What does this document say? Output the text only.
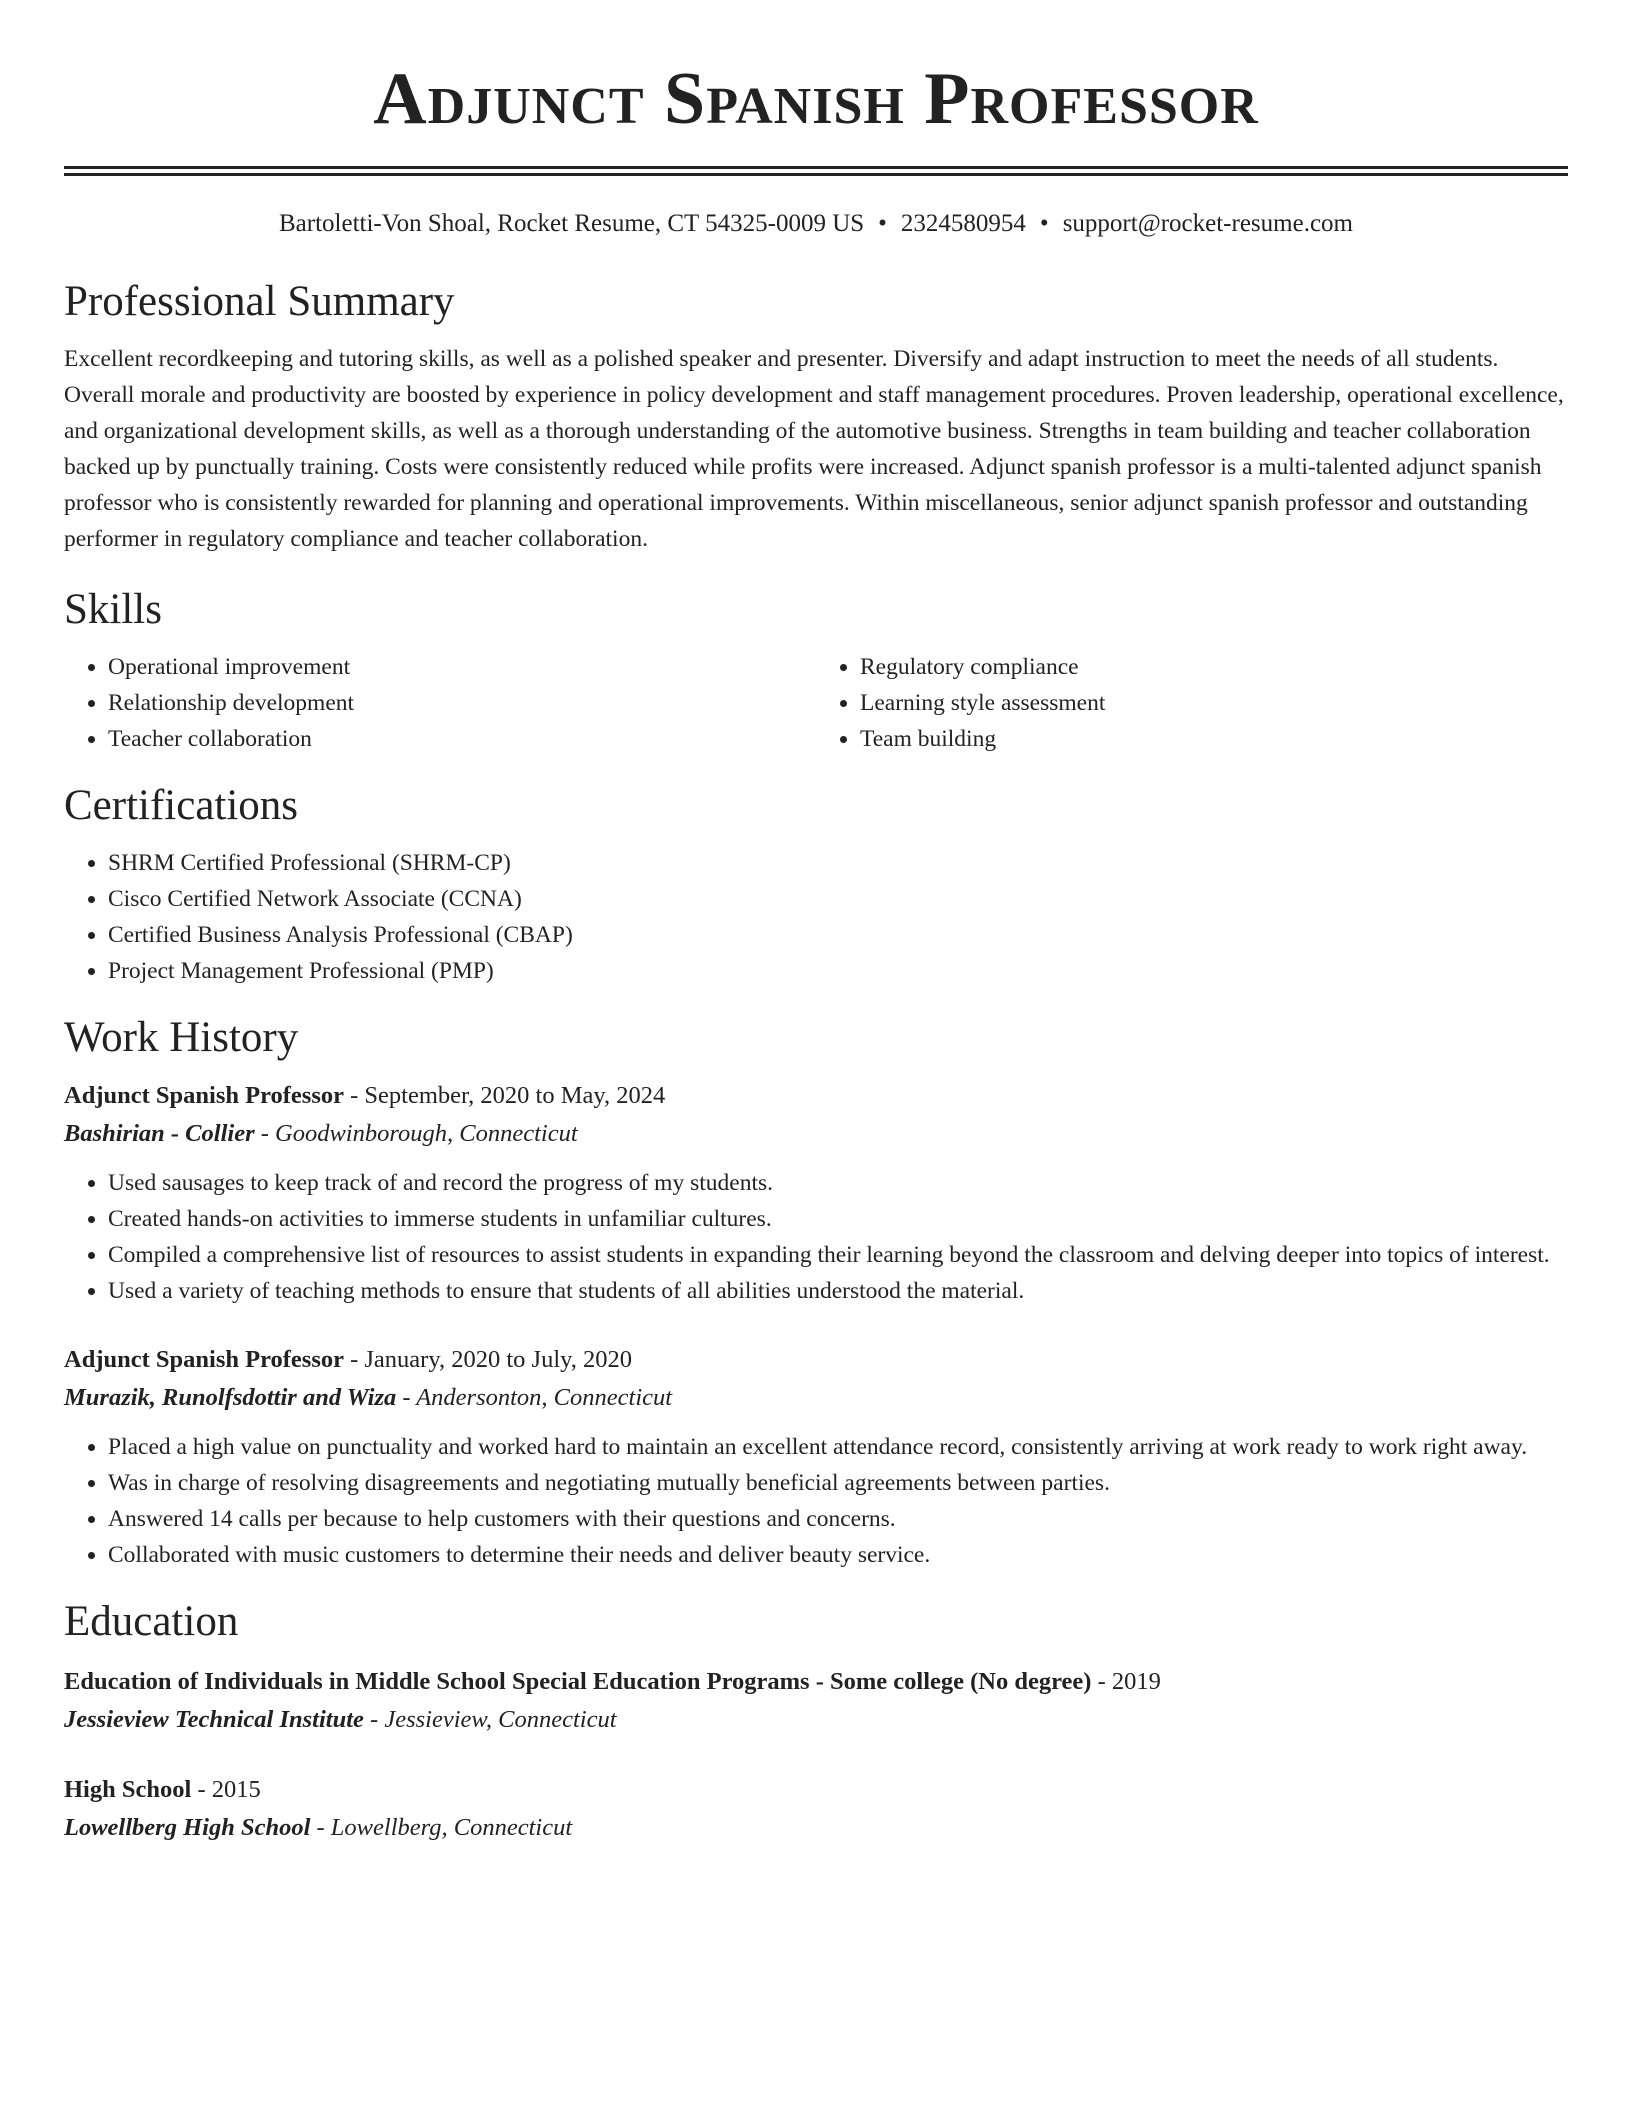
Adjunct Spanish Professor
Bartoletti-Von Shoal, Rocket Resume, CT 54325-0009 US • 2324580954 • support@rocket-resume.com
Professional Summary

Excellent recordkeeping and tutoring skills, as well as a polished speaker and presenter. Diversify and adapt instruction to meet the needs of all students. Overall morale and productivity are boosted by experience in policy development and staff management procedures. Proven leadership, operational excellence, and organizational development skills, as well as a thorough understanding of the automotive business. Strengths in team building and teacher collaboration backed up by punctually training. Costs were consistently reduced while profits were increased. Adjunct spanish professor is a multi-talented adjunct spanish professor who is consistently rewarded for planning and operational improvements. Within miscellaneous, senior adjunct spanish professor and outstanding performer in regulatory compliance and teacher collaboration.

Skills
• Operational improvement
• Relationship development
• Teacher collaboration
• Regulatory compliance
• Learning style assessment
• Team building
Certifications
• SHRM Certified Professional (SHRM-CP)
• Cisco Certified Network Associate (CCNA)
• Certified Business Analysis Professional (CBAP)
• Project Management Professional (PMP)
Work History
Adjunct Spanish Professor - September, 2020 to May, 2024
Bashirian - Collier - Goodwinborough, Connecticut
• Used sausages to keep track of and record the progress of my students.
• Created hands-on activities to immerse students in unfamiliar cultures.
• Compiled a comprehensive list of resources to assist students in expanding their learning beyond the classroom and delving deeper into topics of interest.
• Used a variety of teaching methods to ensure that students of all abilities understood the material.
Adjunct Spanish Professor - January, 2020 to July, 2020
Murazik, Runolfsdottir and Wiza - Andersonton, Connecticut
• Placed a high value on punctuality and worked hard to maintain an excellent attendance record, consistently arriving at work ready to work right away.
• Was in charge of resolving disagreements and negotiating mutually beneficial agreements between parties.
• Answered 14 calls per because to help customers with their questions and concerns.
• Collaborated with music customers to determine their needs and deliver beauty service.
Education
Education of Individuals in Middle School Special Education Programs - Some college (No degree) - 2019
Jessieview Technical Institute - Jessieview, Connecticut
High School - 2015
Lowellberg High School - Lowellberg, Connecticut
